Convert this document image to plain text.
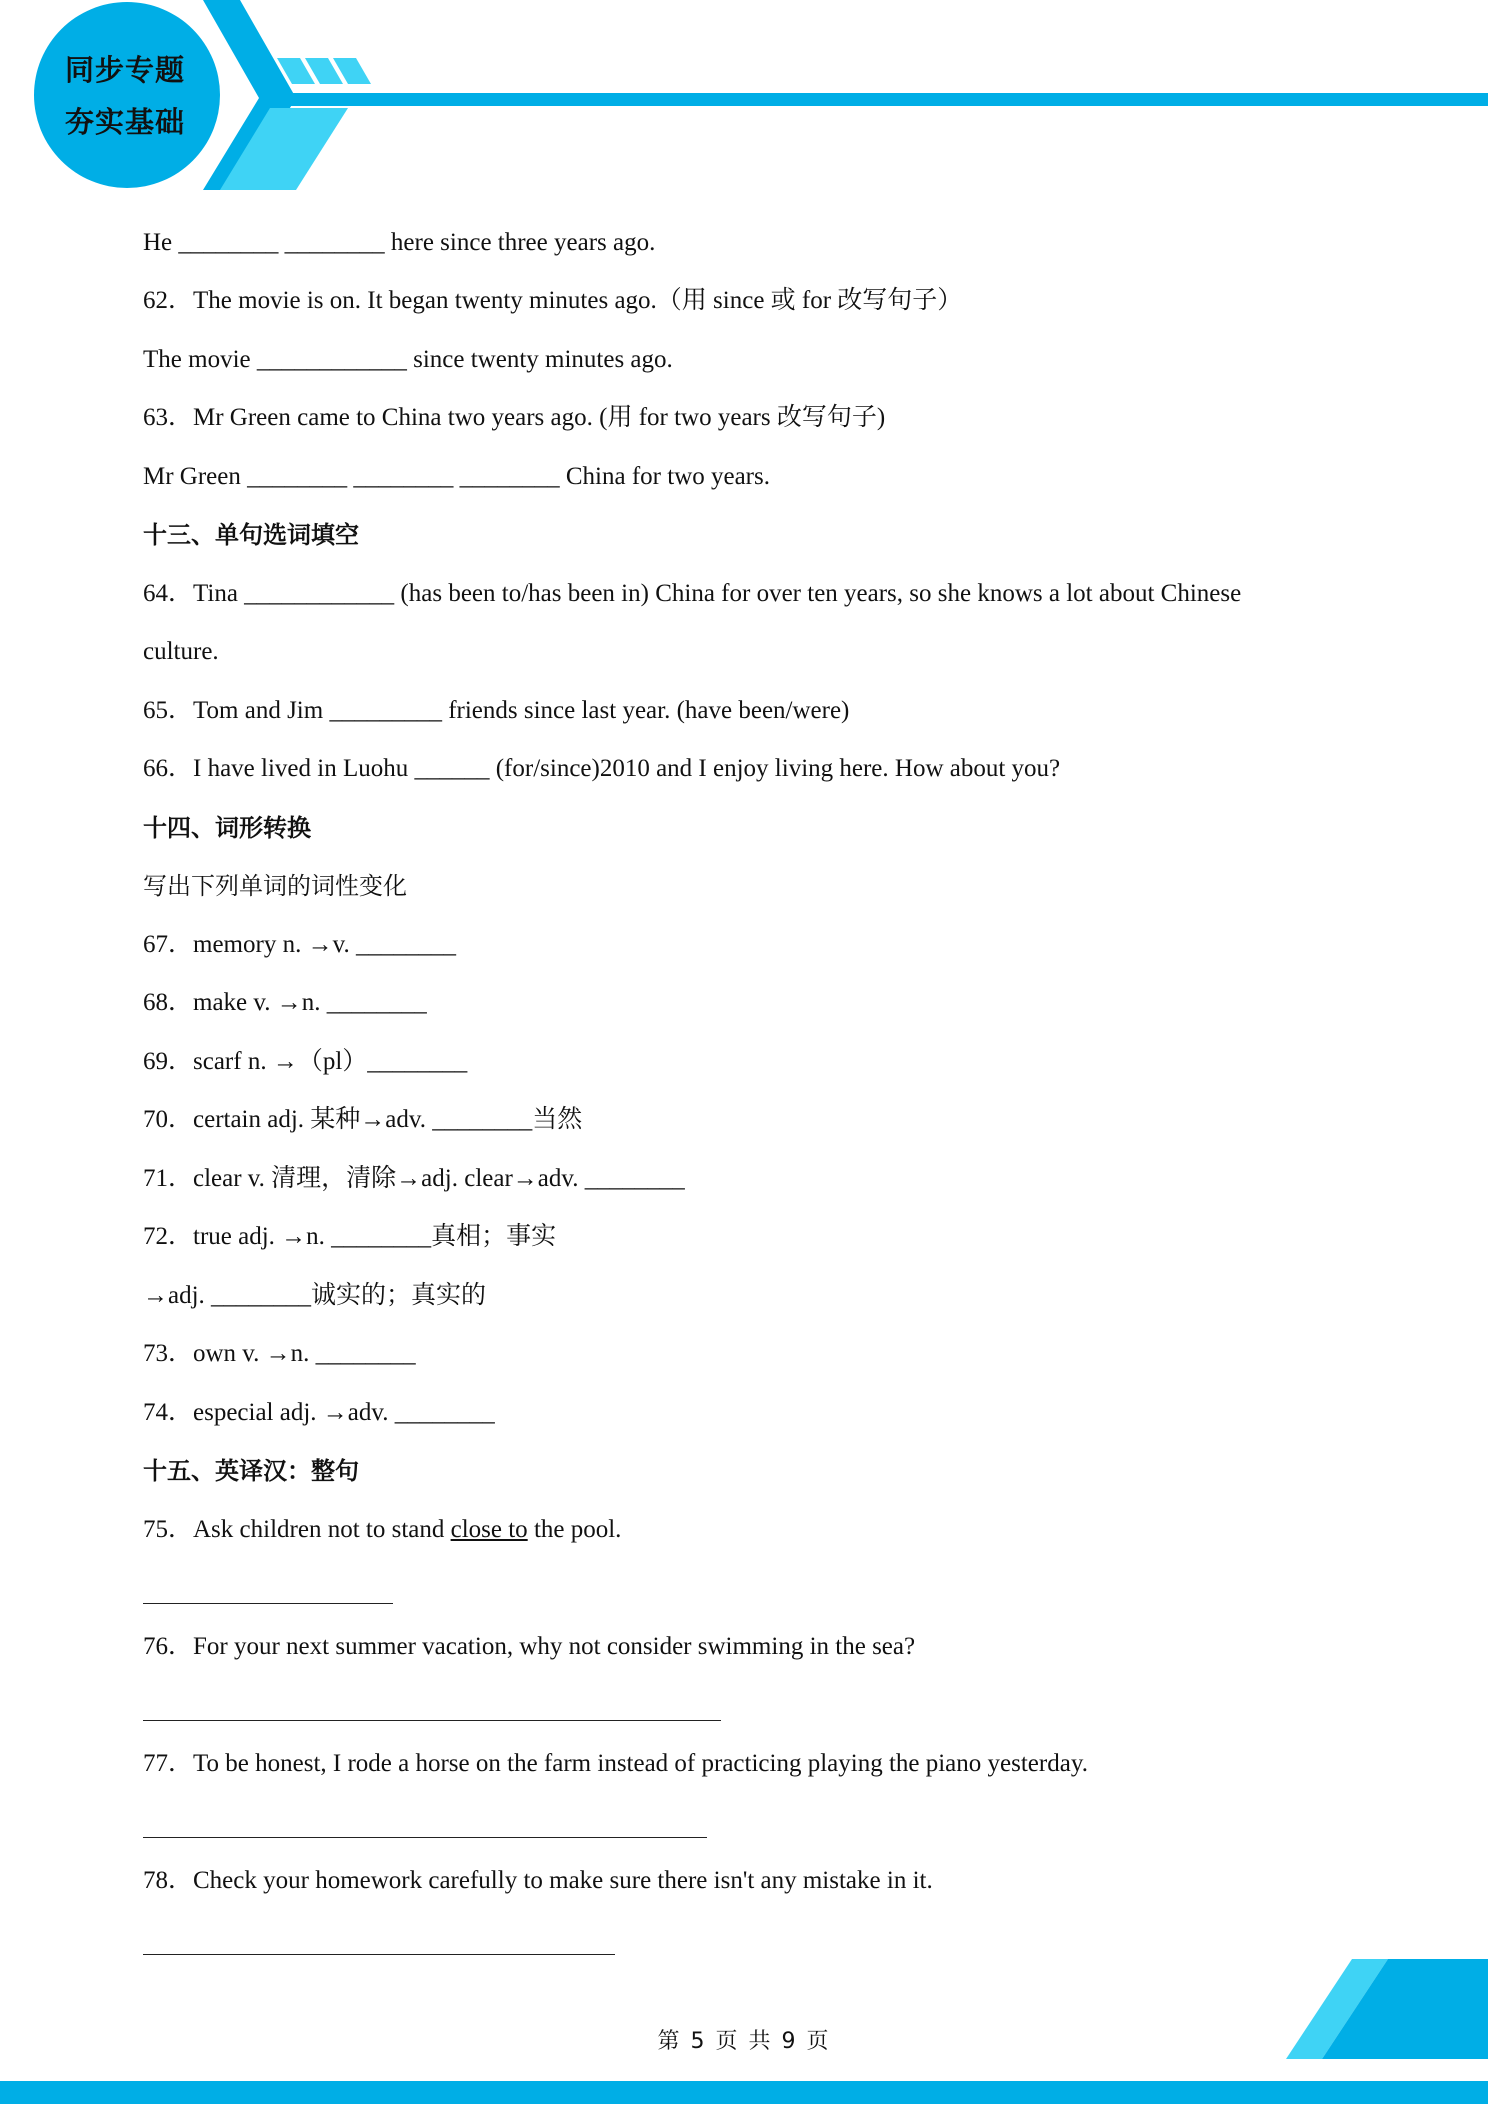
同步专题
夯实基础
He ________ ________ here since three years ago.
62．The movie is on. It began twenty minutes ago.（用 since 或 for 改写句子）
The movie ____________ since twenty minutes ago.
63．Mr Green came to China two years ago. (用 for two years 改写句子)
Mr Green ________ ________ ________ China for two years.
十三、单句选词填空
64．Tina ____________ (has been to/has been in) China for over ten years, so she knows a lot about Chinese
culture.
65．Tom and Jim _________ friends since last year. (have been/were)
66．I have lived in Luohu ______ (for/since)2010 and I enjoy living here. How about you?
十四、词形转换
写出下列单词的词性变化
67．memory n. →v. ________
68．make v. →n. ________
69．scarf n. →（pl）________
70．certain adj. 某种→adv. ________当然
71．clear v. 清理，清除→adj. clear→adv. ________
72．true adj. →n. ________真相；事实
→adj. ________诚实的；真实的
73．own v. →n. ________
74．especial adj. →adv. ________
十五、英译汉：整句
75．Ask children not to stand close to the pool.
76．For your next summer vacation, why not consider swimming in the sea?
77．To be honest, I rode a horse on the farm instead of practicing playing the piano yesterday.
78．Check your homework carefully to make sure there isn't any mistake in it.
第 5 页 共 9 页
